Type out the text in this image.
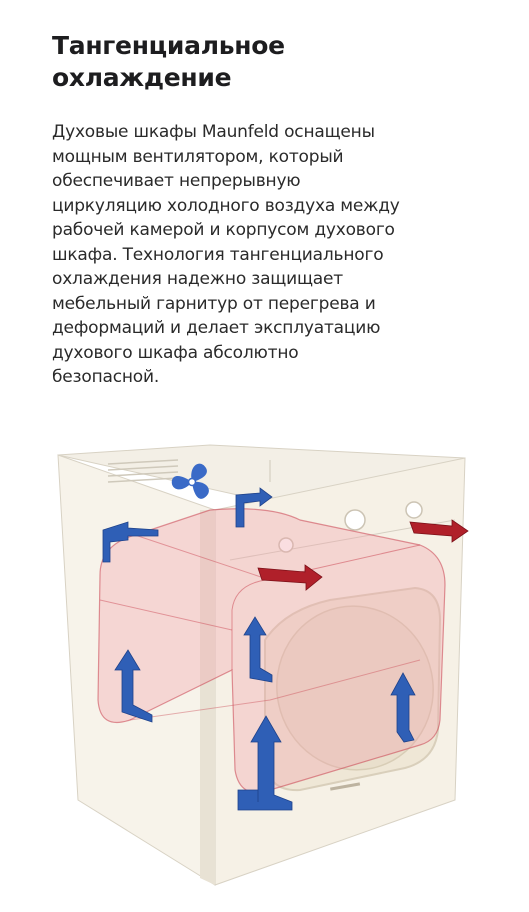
Тангенциальное
охлаждение
Духовые шкафы Maunfeld оснащены
мощным вентилятором, который
обеспечивает непрерывную
циркуляцию холодного воздуха между
рабочей камерой и корпусом духового
шкафа. Технология тангенциального
охлаждения надежно защищает
мебельный гарнитур от перегрева и
деформаций и делает эксплуатацию
духового шкафа абсолютно
безопасной.
